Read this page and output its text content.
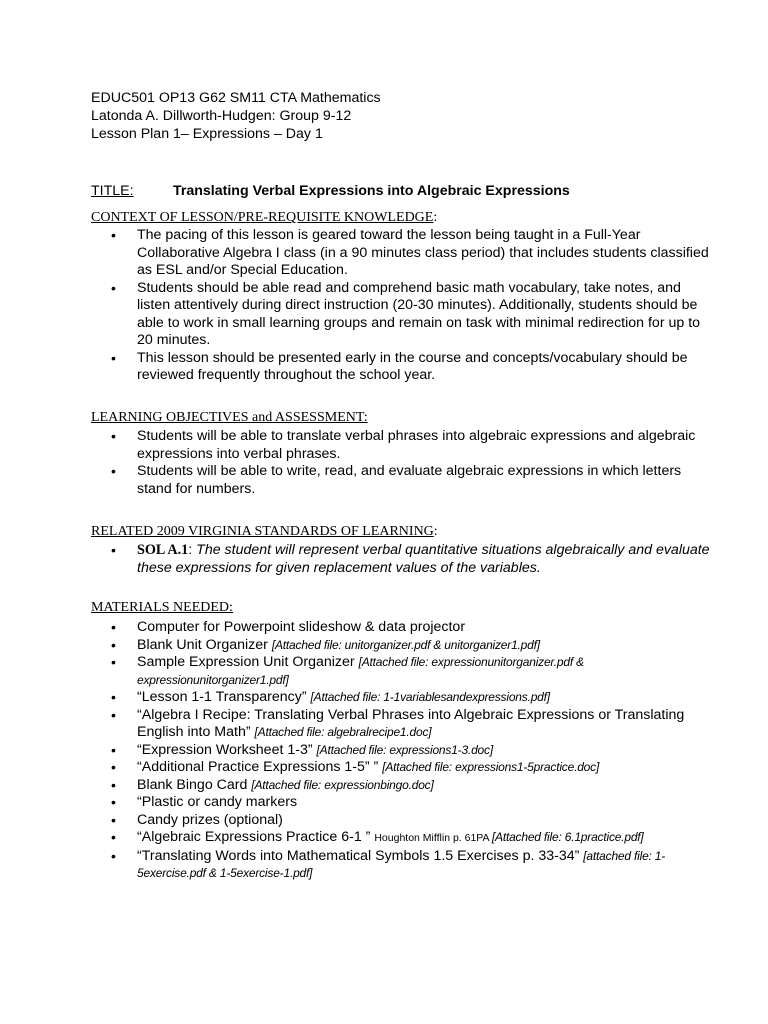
EDUC501 OP13 G62 SM11 CTA Mathematics
Latonda A. Dillworth-Hudgen: Group 9-12
Lesson Plan 1– Expressions – Day 1
TITLE:	Translating Verbal Expressions into Algebraic Expressions
CONTEXT OF LESSON/PRE-REQUISITE KNOWLEDGE:
• The pacing of this lesson is geared toward the lesson being taught in a Full-Year Collaborative Algebra I class (in a 90 minutes class period) that includes students classified as ESL and/or Special Education.
• Students should be able read and comprehend basic math vocabulary, take notes, and listen attentively during direct instruction (20-30 minutes). Additionally, students should be able to work in small learning groups and remain on task with minimal redirection for up to 20 minutes.
• This lesson should be presented early in the course and concepts/vocabulary should be reviewed frequently throughout the school year.
LEARNING OBJECTIVES and ASSESSMENT:
• Students will be able to translate verbal phrases into algebraic expressions and algebraic expressions into verbal phrases.
• Students will be able to write, read, and evaluate algebraic expressions in which letters stand for numbers.
RELATED 2009 VIRGINIA STANDARDS OF LEARNING:
• SOL A.1: The student will represent verbal quantitative situations algebraically and evaluate these expressions for given replacement values of the variables.
MATERIALS NEEDED:
• Computer for Powerpoint slideshow & data projector
• Blank Unit Organizer [Attached file: unitorganizer.pdf & unitorganizer1.pdf]
• Sample Expression Unit Organizer [Attached file: expressionunitorganizer.pdf & expressionunitorganizer1.pdf]
• “Lesson 1-1 Transparency” [Attached file: 1-1variablesandexpressions.pdf]
• “Algebra I Recipe: Translating Verbal Phrases into Algebraic Expressions or Translating English into Math” [Attached file: algebralrecipe1.doc]
• “Expression Worksheet 1-3” [Attached file: expressions1-3.doc]
• “Additional Practice Expressions 1-5” ” [Attached file: expressions1-5practice.doc]
• Blank Bingo Card [Attached file: expressionbingo.doc]
• “Plastic or candy markers
• Candy prizes (optional)
• “Algebraic Expressions Practice 6-1 ” Houghton Mifflin p. 61PA [Attached file: 6.1practice.pdf]
• “Translating Words into Mathematical Symbols 1.5 Exercises p. 33-34” [attached file: 1-5exercise.pdf & 1-5exercise-1.pdf]
